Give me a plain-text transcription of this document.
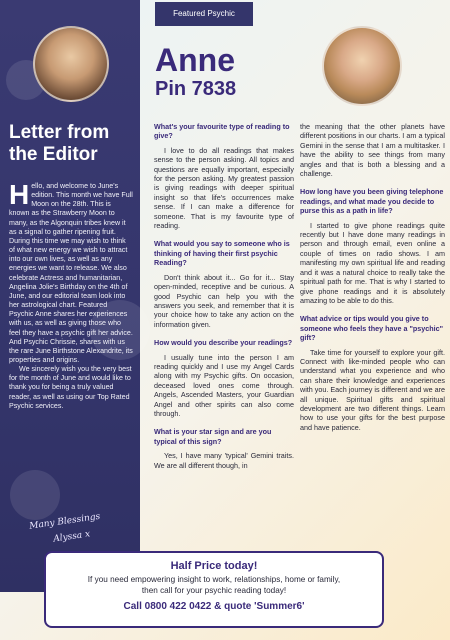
Letter from the Editor

Hello, and welcome to June's edition. This month we have Full Moon on the 28th. This is known as the Strawberry Moon to many, as the Algonquin tribes knew it as a signal to gather ripening fruit. During this time we may wish to think of what new energy we wish to attract into our own lives, as well as any energies we want to release. We also celebrate Actress and humanitarian, Angelina Jolie's Birthday on the 4th of June, and our editorial team look into her astrological chart. Featured Psychic Anne shares her experiences with us, as well as giving those who feel they have a psychic gift her advice. And Psychic Chrissie, shares with us the rare June Birthstone Alexandrite, its properties and origins.

We sincerely wish you the very best for the month of June and would like to thank you for being a truly valued reader, as well as using our Top Rated Psychic services.

Many Blessings
Alyssa x
Featured Psychic
Anne
Pin 7838
What's your favourite type of reading to give?
I love to do all readings that makes sense to the person asking. All topics and questions are equally important, especially for the person asking. My greatest passion is giving readings with deeper spiritual insight so that life's occurrences make sense. If I can make a difference for someone. That is my favourite type of reading.
What would you say to someone who is thinking of having their first psychic Reading?
Don't think about it... Go for it... Stay open-minded, receptive and be curious. A good Psychic can help you with the answers you seek, and remember that it is your choice how to take any action on the information given.
How would you describe your readings?
I usually tune into the person I am reading quickly and I use my Angel Cards along with my Psychic gifts. On occasion, deceased loved ones come through. Angels, Ascended Masters, your Guardian Angel and other spirits can also come through.
What is your star sign and are you typical of this sign?
Yes, I have many 'typical' Gemini traits. We are all different though, in
the meaning that the other planets have different positions in our charts. I am a typical Gemini in the sense that I am a multitasker. I have the ability to see things from many angles and that is both a blessing and a challenge.
How long have you been giving telephone readings, and what made you decide to purse this as a path in life?
I started to give phone readings quite recently but I have done many readings in person and through email, even online a couple of times on radio shows. I am manifesting my own spiritual life and reading and it was a natural choice to really take the spiritual path for me. That is why I started to give phone readings and it is absolutely amazing to be able to do this.
What advice or tips would you give to someone who feels they have a "psychic" gift?
Take time for yourself to explore your gift. Connect with like-minded people who can understand what you experience and who can share their knowledge and experiences with you. Each journey is different and we are all unique. Spiritual gifts and spiritual development are two different things. Learn how to use your gifts for the best purpose and have patience.
Half Price today!
If you need empowering insight to work, relationships, home or family,
then call for your psychic reading today!
Call 0800 422 0422 & quote 'Summer6'
